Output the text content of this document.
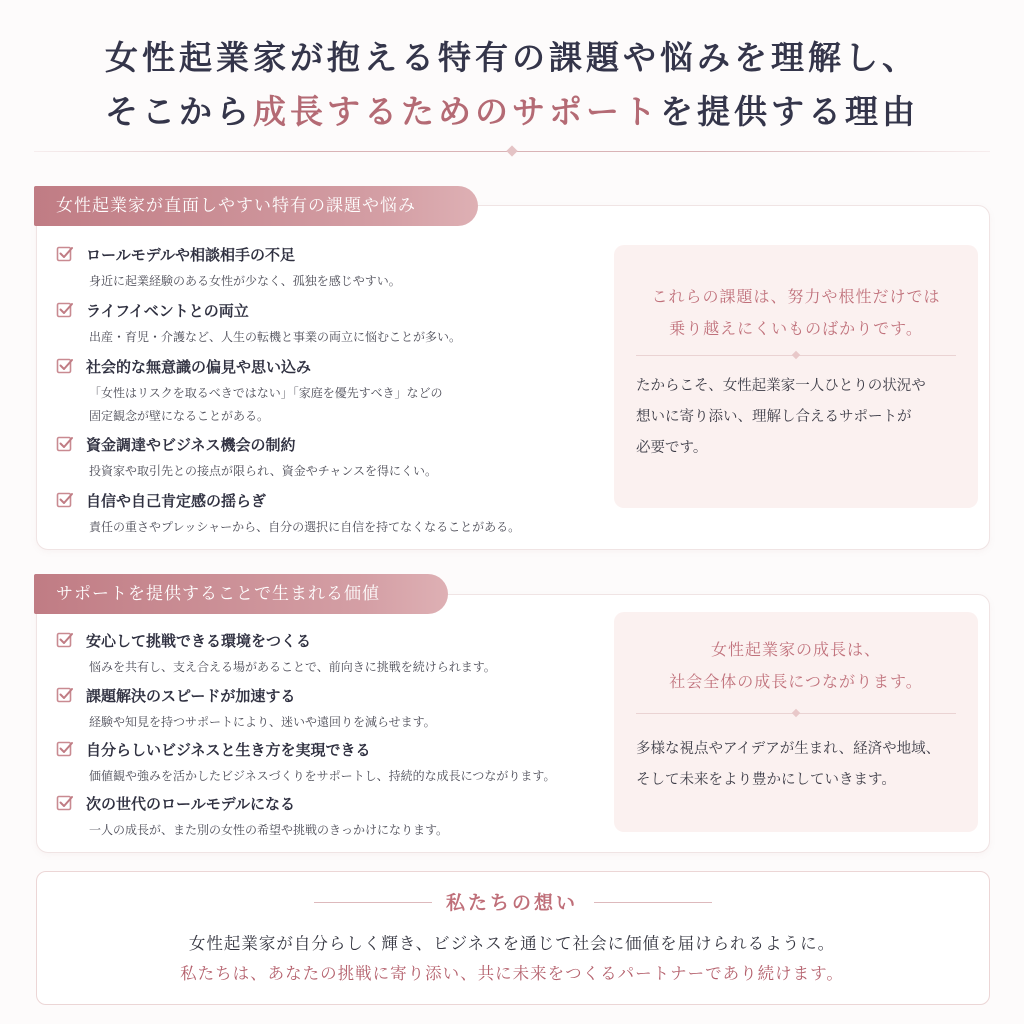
女性起業家が抱える特有の課題や悩みを理解し、
そこから成長するためのサポートを提供する理由
女性起業家が直面しやすい特有の課題や悩み
ロールモデルや相談相手の不足
身近に起業経験のある女性が少なく、孤独を感じやすい。
ライフイベントとの両立
出産・育児・介護など、人生の転機と事業の両立に悩むことが多い。
社会的な無意識の偏見や思い込み
「女性はリスクを取るべきではない」「家庭を優先すべき」などの
固定観念が壁になることがある。
資金調達やビジネス機会の制約
投資家や取引先との接点が限られ、資金やチャンスを得にくい。
自信や自己肯定感の揺らぎ
責任の重さやプレッシャーから、自分の選択に自信を持てなくなることがある。
これらの課題は、努力や根性だけでは
乗り越えにくいものばかりです。
たからこそ、女性起業家一人ひとりの状況や
想いに寄り添い、理解し合えるサポートが
必要です。
サポートを提供することで生まれる価値
安心して挑戦できる環境をつくる
悩みを共有し、支え合える場があることで、前向きに挑戦を続けられます。
課題解決のスピードが加速する
経験や知見を持つサポートにより、迷いや遠回りを減らせます。
自分らしいビジネスと生き方を実現できる
価値観や強みを活かしたビジネスづくりをサポートし、持続的な成長につながります。
次の世代のロールモデルになる
一人の成長が、また別の女性の希望や挑戦のきっかけになります。
女性起業家の成長は、
社会全体の成長につながります。
多様な視点やアイデアが生まれ、経済や地域、
そして未来をより豊かにしていきます。
私たちの想い
女性起業家が自分らしく輝き、ビジネスを通じて社会に価値を届けられるように。
私たちは、あなたの挑戦に寄り添い、共に未来をつくるパートナーであり続けます。
